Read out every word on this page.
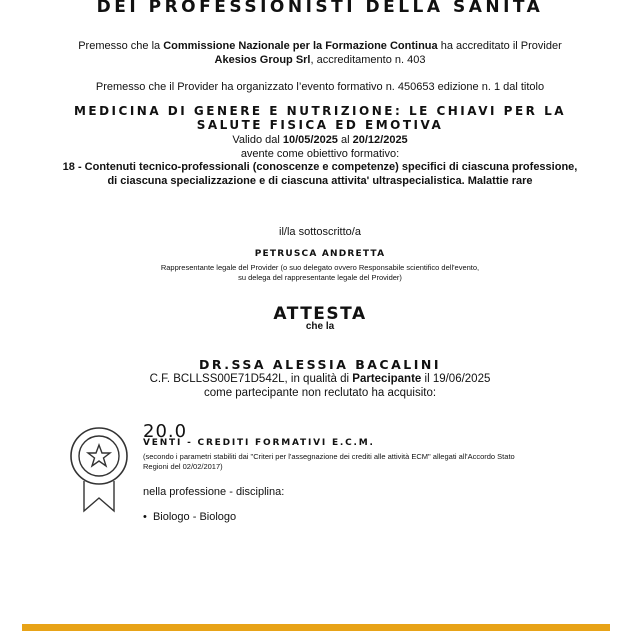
DEI PROFESSIONISTI DELLA SANITA
Premesso che la Commissione Nazionale per la Formazione Continua ha accreditato il Provider
Akesios Group Srl, accreditamento n. 403
Premesso che il Provider ha organizzato l’evento formativo n. 450653 edizione n. 1 dal titolo
MEDICINA DI GENERE E NUTRIZIONE: LE CHIAVI PER LA
SALUTE FISICA ED EMOTIVA
Valido dal 10/05/2025 al 20/12/2025
avente come obiettivo formativo:
18 - Contenuti tecnico-professionali (conoscenze e competenze) specifici di ciascuna professione,
di ciascuna specializzazione e di ciascuna attivita' ultraspecialistica. Malattie rare
il/la sottoscritto/a
PETRUSCA ANDRETTA
Rappresentante legale del Provider (o suo delegato ovvero Responsabile scientifico dell'evento,
su delega del rappresentante legale del Provider)
ATTESTA
che la
DR.SSA ALESSIA BACALINI
C.F. BCLLSS00E71D542L, in qualità di Partecipante il 19/06/2025
come partecipante non reclutato ha acquisito:
20.0
VENTI - CREDITI FORMATIVI E.C.M.
(secondo i parametri stabiliti dai "Criteri per l'assegnazione dei crediti alle attività ECM" allegati all'Accordo Stato
Regioni del 02/02/2017)
nella professione - disciplina:
•  Biologo - Biologo
